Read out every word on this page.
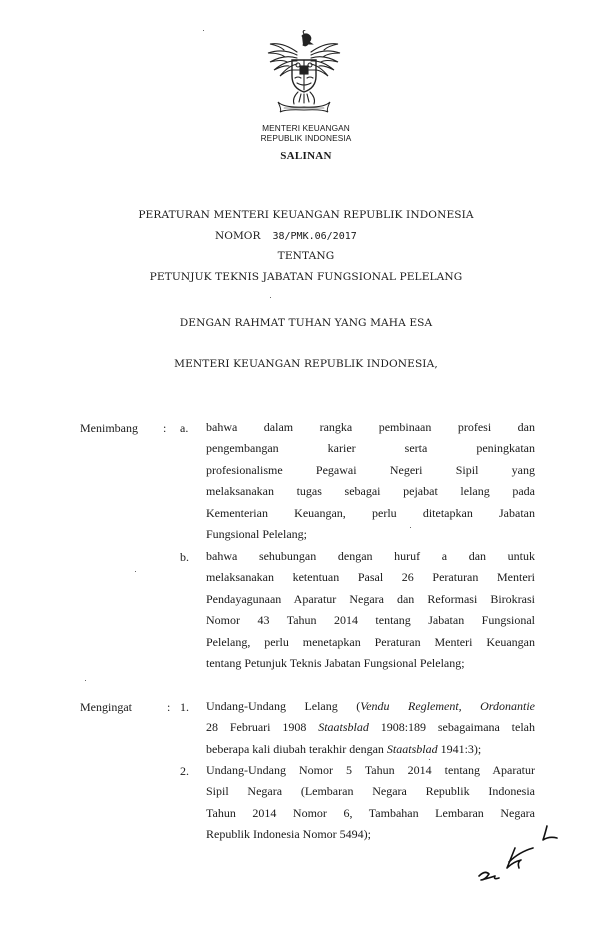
MENTERI KEUANGAN
REPUBLIK INDONESIA
SALINAN
PERATURAN MENTERI KEUANGAN REPUBLIK INDONESIA
NOMOR 38/PMK.06/2017
TENTANG
PETUNJUK TEKNIS JABATAN FUNGSIONAL PELELANG
DENGAN RAHMAT TUHAN YANG MAHA ESA
MENTERI KEUANGAN REPUBLIK INDONESIA,
Menimbang : a. bahwa dalam rangka pembinaan profesi dan
pengembangan karier serta peningkatan
profesionalisme Pegawai Negeri Sipil yang
melaksanakan tugas sebagai pejabat lelang pada
Kementerian Keuangan, perlu ditetapkan Jabatan
Fungsional Pelelang;
b. bahwa sehubungan dengan huruf a dan untuk
melaksanakan ketentuan Pasal 26 Peraturan Menteri
Pendayagunaan Aparatur Negara dan Reformasi Birokrasi
Nomor 43 Tahun 2014 tentang Jabatan Fungsional
Pelelang, perlu menetapkan Peraturan Menteri Keuangan
tentang Petunjuk Teknis Jabatan Fungsional Pelelang;
Mengingat	: 1. Undang-Undang Lelang (Vendu Reglement, Ordonantie
28 Februari 1908 Staatsblad 1908:189 sebagaimana telah
beberapa kali diubah terakhir dengan Staatsblad 1941:3);
2. Undang-Undang Nomor 5 Tahun 2014 tentang Aparatur
Sipil Negara (Lembaran Negara Republik Indonesia
Tahun 2014 Nomor 6, Tambahan Lembaran Negara
Republik Indonesia Nomor 5494);
